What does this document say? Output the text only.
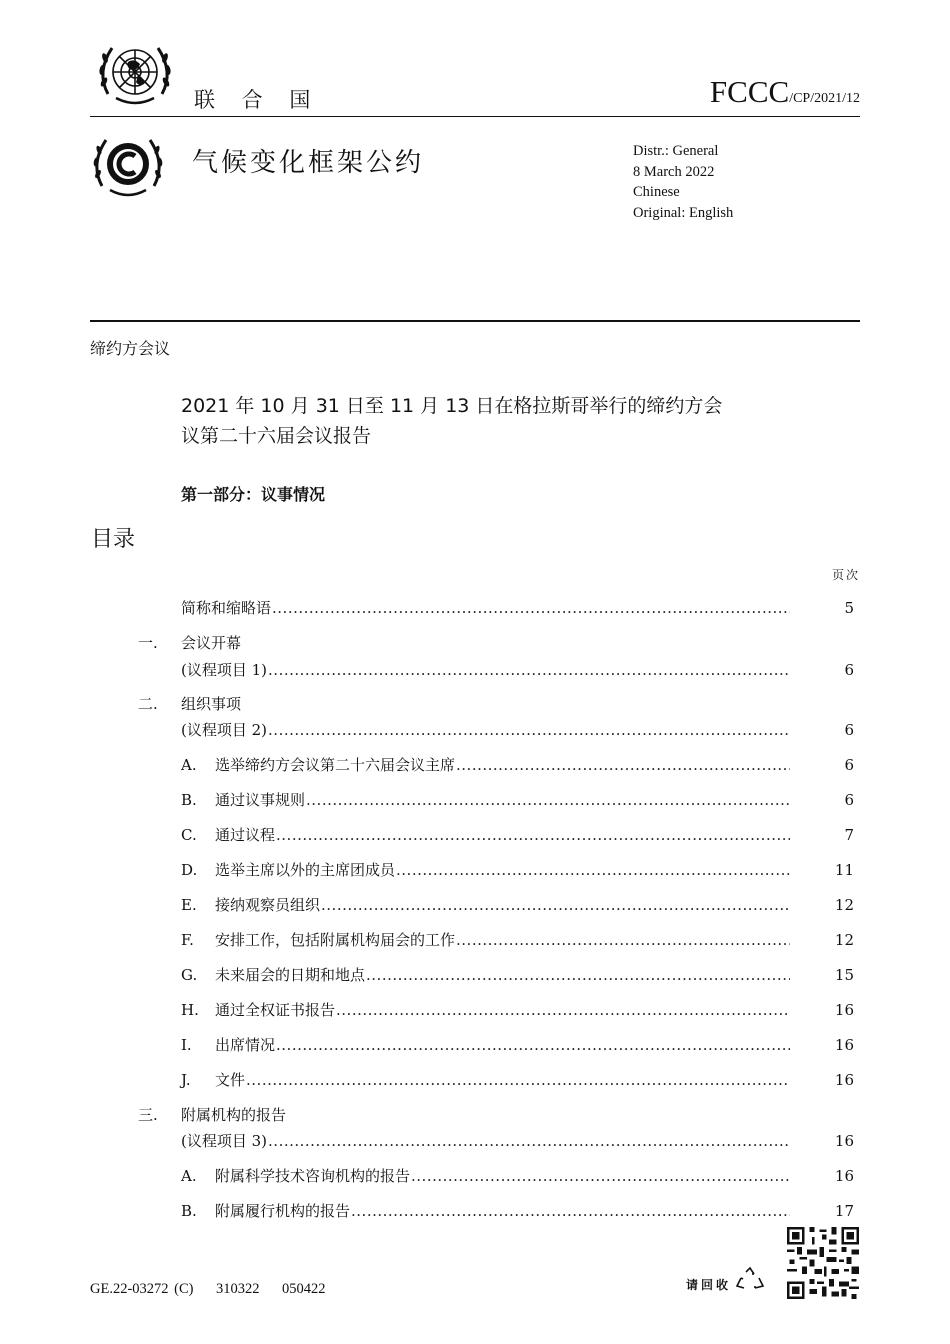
联 合 国	FCCC/CP/2021/12
气候变化框架公约	Distr.: General
8 March 2022
Chinese
Original: English
缔约方会议
2021 年 10 月 31 日至 11 月 13 日在格拉斯哥举行的缔约方会
议第二十六届会议报告
第一部分：议事情况
目录
页次
简称和缩略语 .....	5
一.	会议开幕
(议程项目 1) .....	6
二.	组织事项
(议程项目 2) .....	6
A.	选举缔约方会议第二十六届会议主席 .....	6
B.	通过议事规则 .....	6
C.	通过议程 .....	7
D.	选举主席以外的主席团成员 .....	11
E.	接纳观察员组织 .....	12
F.	安排工作，包括附属机构届会的工作 .....	12
G.	未来届会的日期和地点 .....	15
H.	通过全权证书报告 .....	16
I.	出席情况 .....	16
J.	文件 .....	16
三.	附属机构的报告
(议程项目 3) .....	16
A.	附属科学技术咨询机构的报告 .....	16
B.	附属履行机构的报告 .....	17
GE.22-03272 (C)    310322    050422	请回收
